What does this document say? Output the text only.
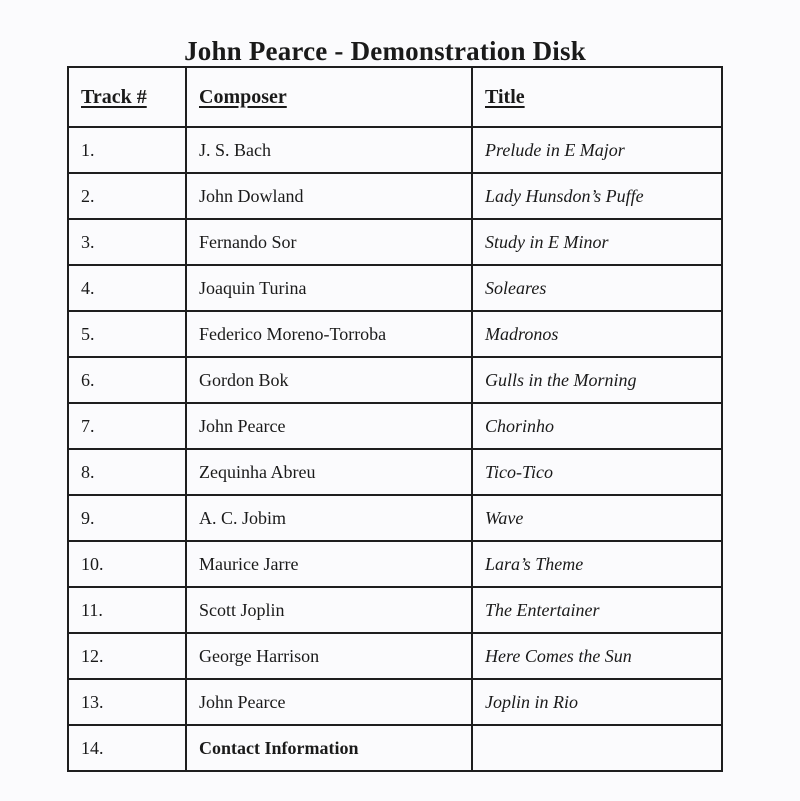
John Pearce - Demonstration Disk
Track #	Composer	Title
1.	J. S. Bach	Prelude in E Major
2.	John Dowland	Lady Hunsdon’s Puffe
3.	Fernando Sor	Study in E Minor
4.	Joaquin Turina	Soleares
5.	Federico Moreno-Torroba	Madronos
6.	Gordon Bok	Gulls in the Morning
7.	John Pearce	Chorinho
8.	Zequinha Abreu	Tico-Tico
9.	A. C. Jobim	Wave
10.	Maurice Jarre	Lara’s Theme
11.	Scott Joplin	The Entertainer
12.	George Harrison	Here Comes the Sun
13.	John Pearce	Joplin in Rio
14.	Contact Information	
